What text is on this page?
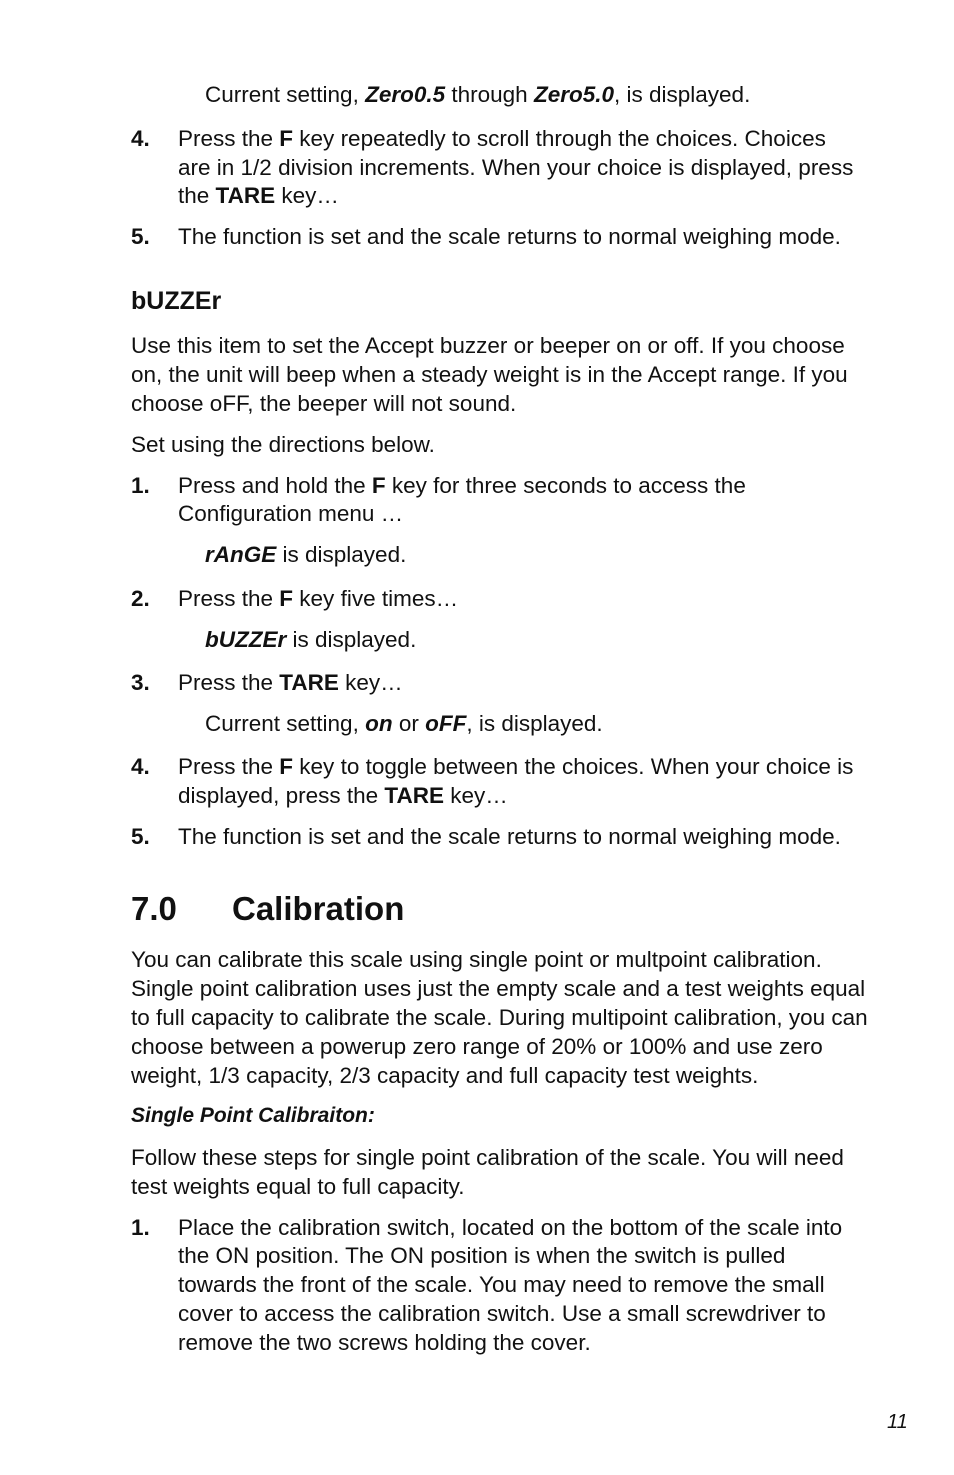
Current setting, Zero0.5 through Zero5.0, is displayed.
4. Press the F key repeatedly to scroll through the choices. Choices
are in 1/2 division increments. When your choice is displayed, press
the TARE key…
5. The function is set and the scale returns to normal weighing mode.
bUZZEr
Use this item to set the Accept buzzer or beeper on or off. If you choose
on, the unit will beep when a steady weight is in the Accept range. If you
choose oFF, the beeper will not sound.
Set using the directions below.
1. Press and hold the F key for three seconds to access the
Configuration menu …
rAnGE is displayed.
2. Press the F key five times…
bUZZEr is displayed.
3. Press the TARE key…
Current setting, on or oFF, is displayed.
4. Press the F key to toggle between the choices. When your choice is
displayed, press the TARE key…
5. The function is set and the scale returns to normal weighing mode.
7.0 Calibration
You can calibrate this scale using single point or multpoint calibration.
Single point calibration uses just the empty scale and a test weights equal
to full capacity to calibrate the scale. During multipoint calibration, you can
choose between a powerup zero range of 20% or 100% and use zero
weight, 1/3 capacity, 2/3 capacity and full capacity test weights.
Single Point Calibraiton:
Follow these steps for single point calibration of the scale. You will need
test weights equal to full capacity.
1. Place the calibration switch, located on the bottom of the scale into
the ON position. The ON position is when the switch is pulled
towards the front of the scale. You may need to remove the small
cover to access the calibration switch. Use a small screwdriver to
remove the two screws holding the cover.
11
